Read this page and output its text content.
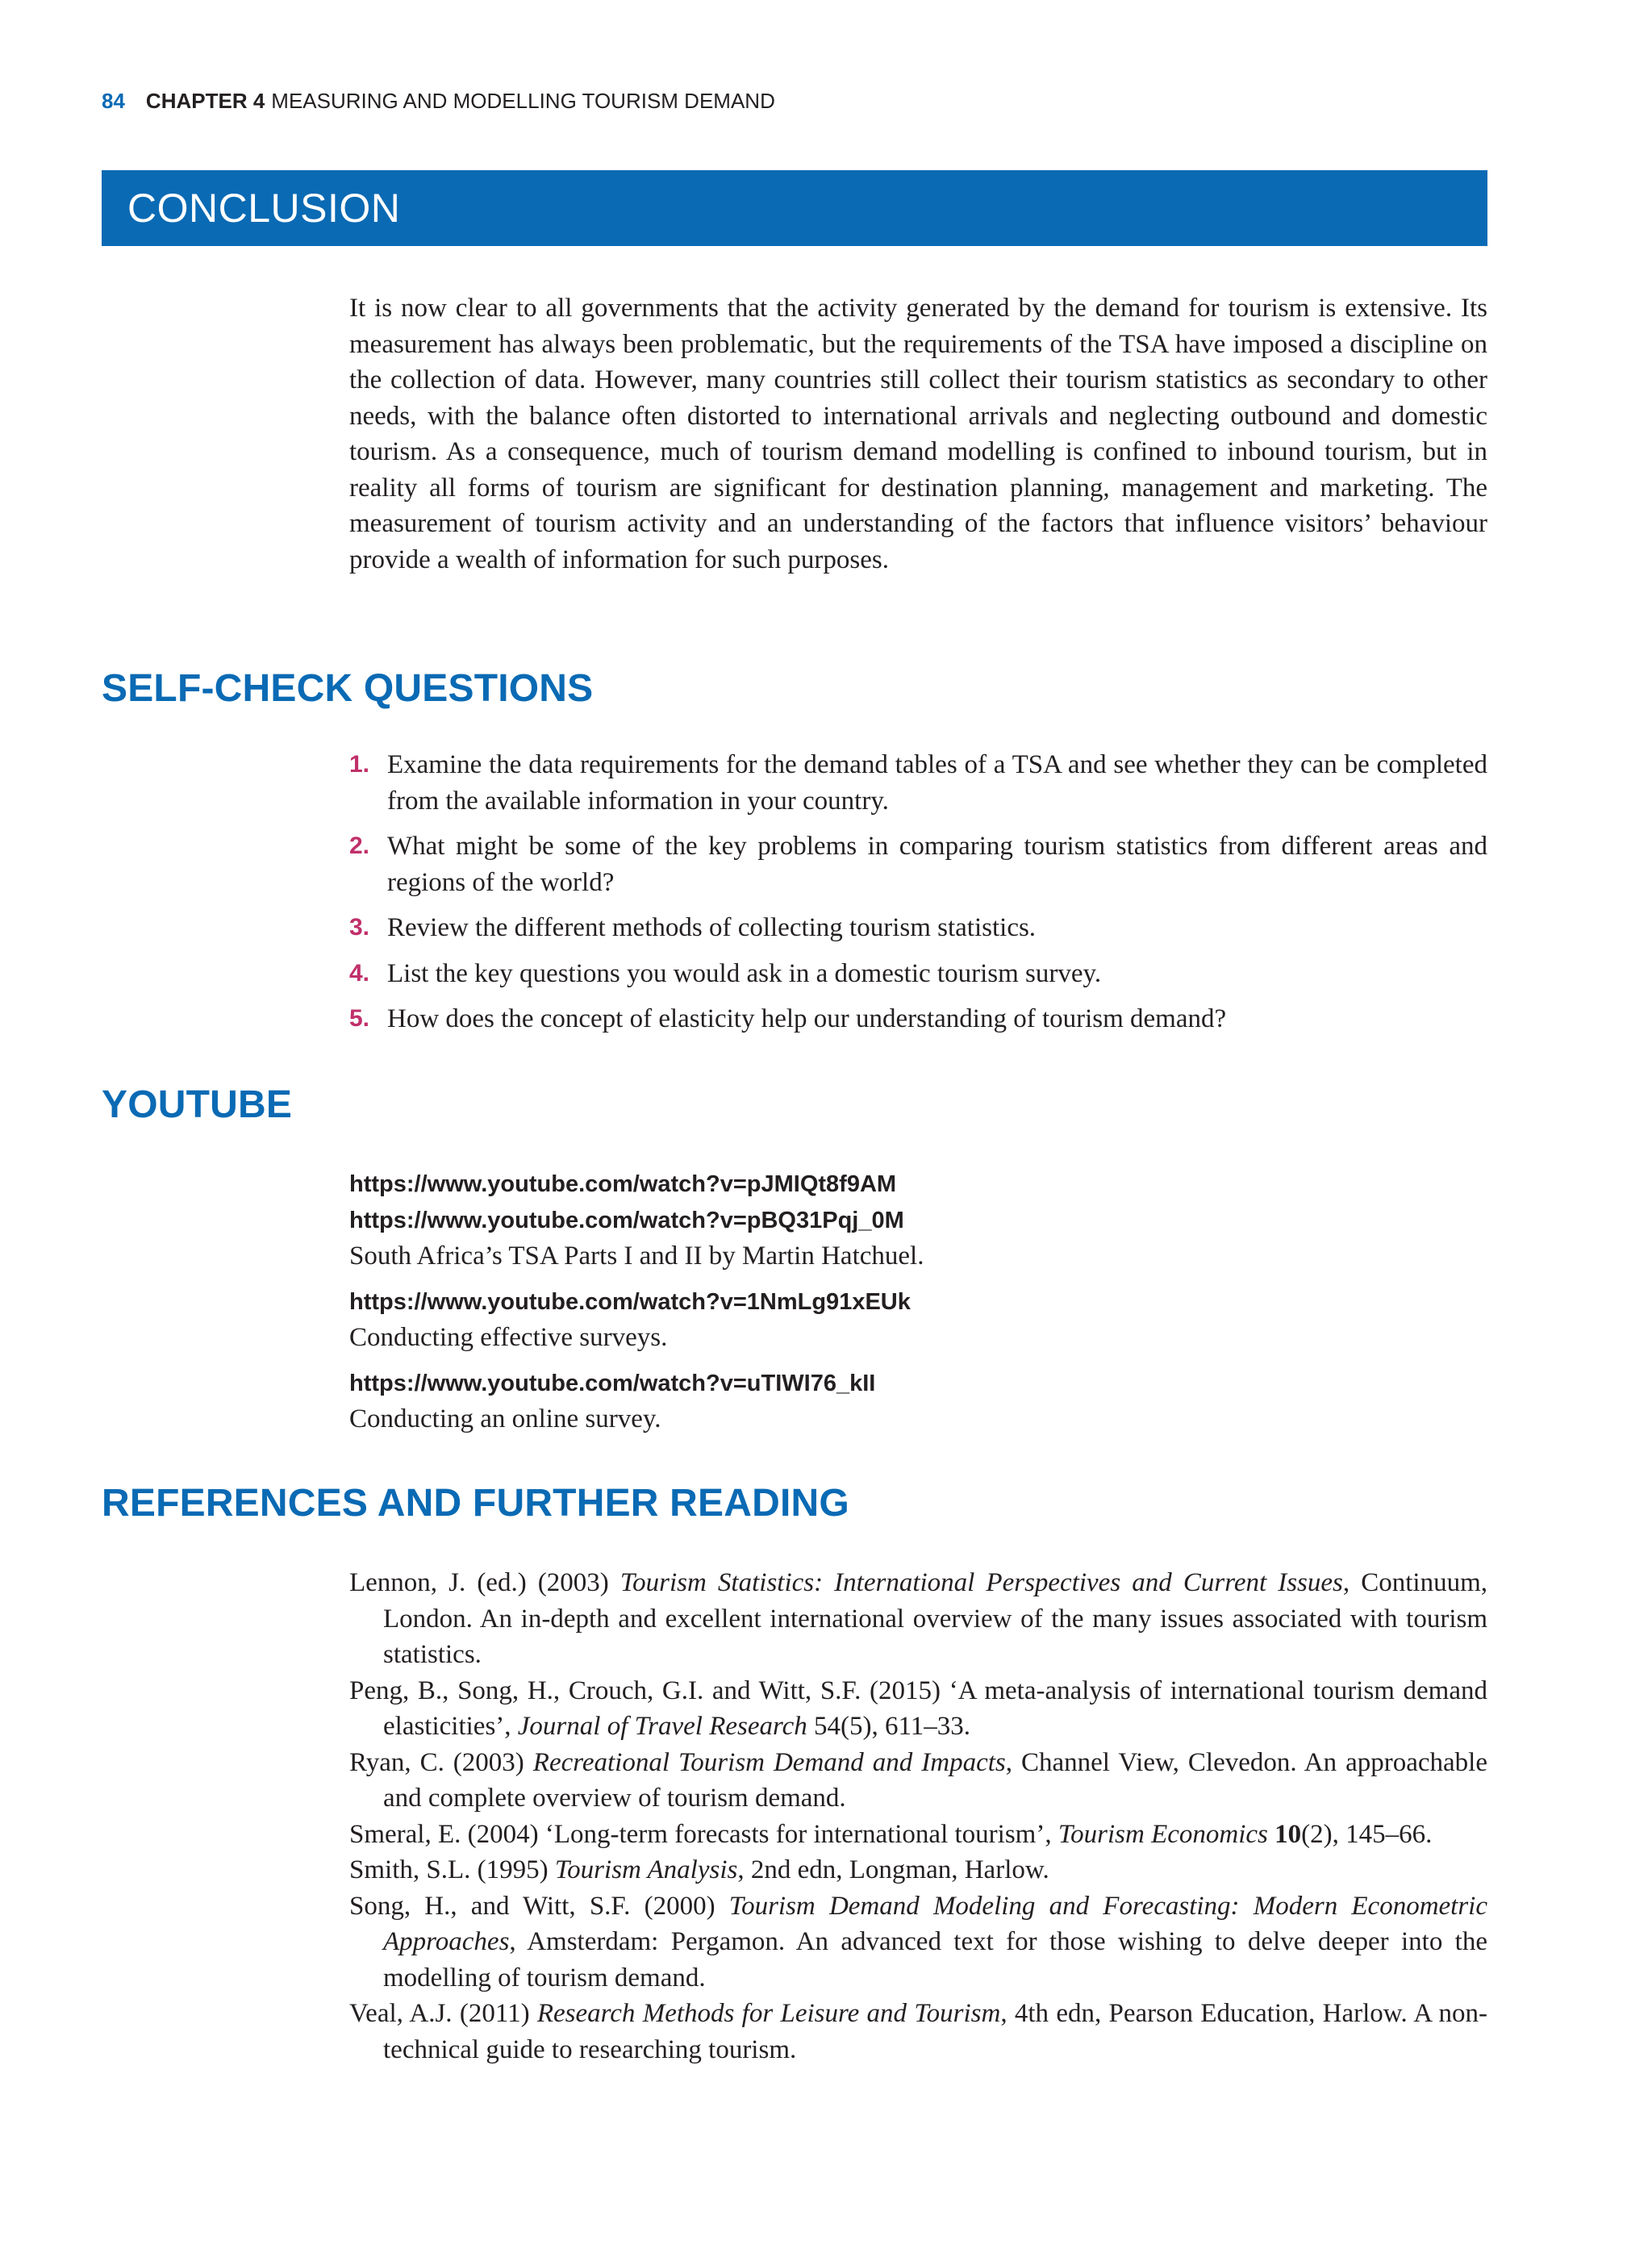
84 CHAPTER 4 MEASURING AND MODELLING TOURISM DEMAND
CONCLUSION

It is now clear to all governments that the activity generated by the demand for tourism is extensive. Its measurement has always been problematic, but the requirements of the TSA have imposed a discipline on the collection of data. However, many countries still collect their tourism statistics as secondary to other needs, with the balance often distorted to international arrivals and neglecting outbound and domestic tourism. As a consequence, much of tourism demand modelling is confined to inbound tourism, but in reality all forms of tourism are significant for destination planning, management and marketing. The measurement of tourism activity and an understanding of the factors that influence visitors’ behaviour provide a wealth of information for such purposes.

SELF-CHECK QUESTIONS
1. Examine the data requirements for the demand tables of a TSA and see whether they can be completed from the available information in your country.
2. What might be some of the key problems in comparing tourism statistics from different areas and regions of the world?
3. Review the different methods of collecting tourism statistics.
4. List the key questions you would ask in a domestic tourism survey.
5. How does the concept of elasticity help our understanding of tourism demand?
YOUTUBE
https://www.youtube.com/watch?v=pJMIQt8f9AM
https://www.youtube.com/watch?v=pBQ31Pqj_0M
South Africa’s TSA Parts I and II by Martin Hatchuel.
https://www.youtube.com/watch?v=1NmLg91xEUk
Conducting effective surveys.
https://www.youtube.com/watch?v=uTIWI76_kII
Conducting an online survey.
REFERENCES AND FURTHER READING

Lennon, J. (ed.) (2003) Tourism Statistics: International Perspectives and Current Issues, Continuum, London. An in-depth and excellent international overview of the many issues associated with tourism statistics.

Peng, B., Song, H., Crouch, G.I. and Witt, S.F. (2015) ‘A meta-analysis of international tourism demand elasticities’, Journal of Travel Research 54(5), 611–33.

Ryan, C. (2003) Recreational Tourism Demand and Impacts, Channel View, Clevedon. An approachable and complete overview of tourism demand.

Smeral, E. (2004) ‘Long-term forecasts for international tourism’, Tourism Economics 10(2), 145–66.

Smith, S.L. (1995) Tourism Analysis, 2nd edn, Longman, Harlow.

Song, H., and Witt, S.F. (2000) Tourism Demand Modeling and Forecasting: Modern Econometric Approaches, Amsterdam: Pergamon. An advanced text for those wishing to delve deeper into the modelling of tourism demand.

Veal, A.J. (2011) Research Methods for Leisure and Tourism, 4th edn, Pearson Education, Harlow. A non-technical guide to researching tourism.
